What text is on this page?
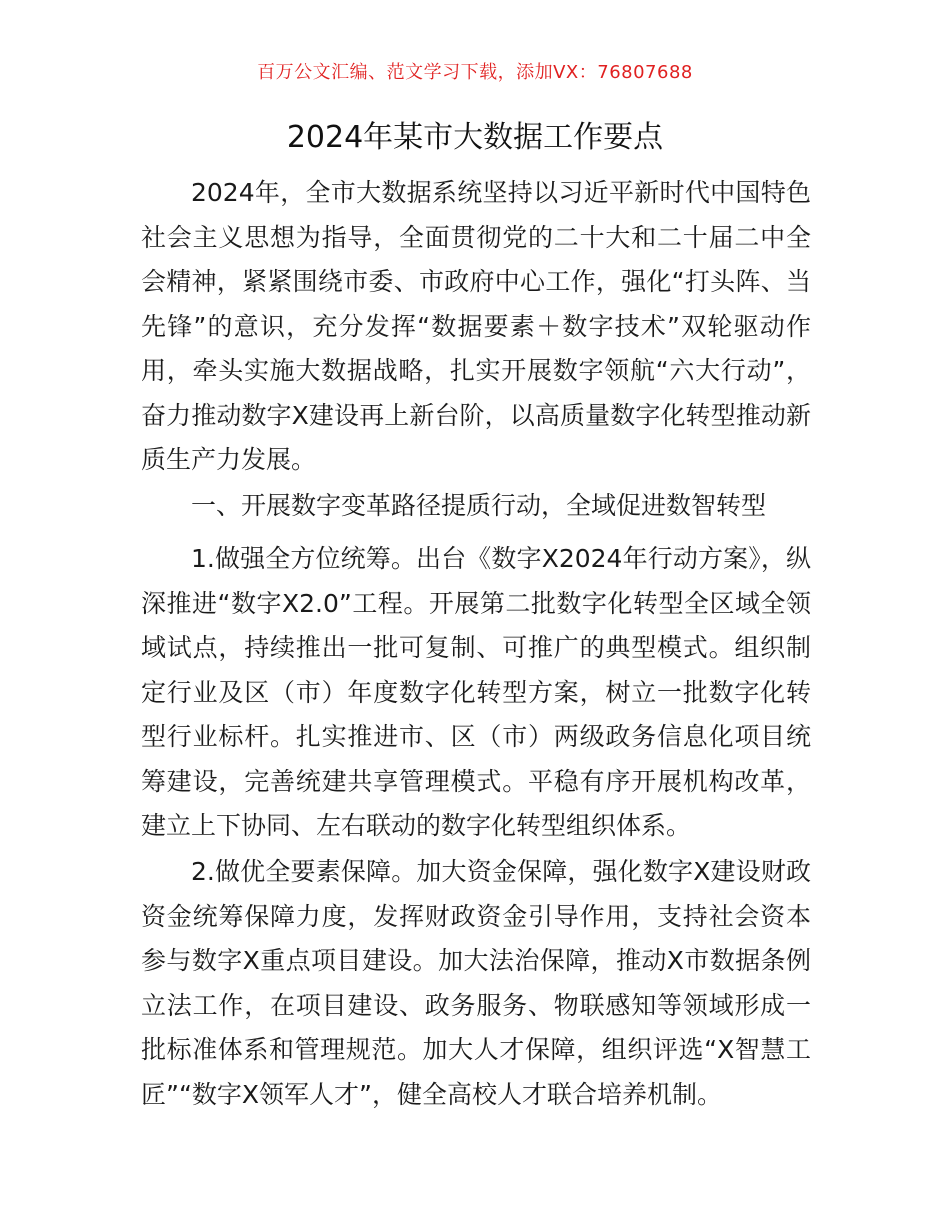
百万公文汇编、范文学习下载，添加VX：76807688
2024年某市大数据工作要点

2024年，全市大数据系统坚持以习近平新时代中国特色社会主义思想为指导，全面贯彻党的二十大和二十届二中全会精神，紧紧围绕市委、市政府中心工作，强化“打头阵、当先锋”的意识，充分发挥“数据要素＋数字技术”双轮驱动作用，牵头实施大数据战略，扎实开展数字领航“六大行动”，奋力推动数字X建设再上新台阶，以高质量数字化转型推动新质生产力发展。

一、开展数字变革路径提质行动，全域促进数智转型

1.做强全方位统筹。出台《数字X2024年行动方案》，纵深推进“数字X2.0”工程。开展第二批数字化转型全区域全领域试点，持续推出一批可复制、可推广的典型模式。组织制定行业及区（市）年度数字化转型方案，树立一批数字化转型行业标杆。扎实推进市、区（市）两级政务信息化项目统筹建设，完善统建共享管理模式。平稳有序开展机构改革，建立上下协同、左右联动的数字化转型组织体系。

2.做优全要素保障。加大资金保障，强化数字X建设财政资金统筹保障力度，发挥财政资金引导作用，支持社会资本参与数字X重点项目建设。加大法治保障，推动X市数据条例立法工作，在项目建设、政务服务、物联感知等领域形成一批标准体系和管理规范。加大人才保障，组织评选“X智慧工匠”“数字X领军人才”，健全高校人才联合培养机制。
